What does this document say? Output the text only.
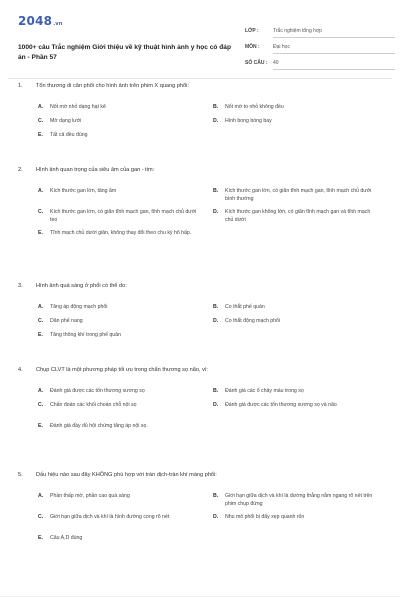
2048.vn
1000+ câu Trắc nghiệm Giới thiệu về kỹ thuật hình ảnh y học có đáp án - Phần 57
LỚP :	Trắc nghiệm tổng hợp
MÔN :	Đại học
SỐ CÂU : 40
1. Tổn thương di căn phổi cho hình ảnh trên phim X quang phổi:
A. Nốt mờ nhỏ dạng hạt kê	B. Nốt mờ to nhỏ không đều
C. Mờ dạng lưới	D. Hình bong bóng bay
E. Tất cả đều đúng
2. Hình ảnh quan trọng của siêu âm của gan - tim:
A. Kích thước gan lớn, tăng âm	B. Kích thước gan lớn, có giãn tĩnh mạch gan, tĩnh mạch chủ dưới bình thường
C. Kích thước gan lớn, có giãn tĩnh mạch gan, tĩnh mạch chủ dưới teo
D. Kích thước gan không lớn, có giãn tĩnh mạch gan và tĩnh mạch chủ dưới
E. Tĩnh mạch chủ dưới giãn, không thay đổi theo chu kỳ hô hấp.
3. Hình ảnh quá sáng ở phổi có thể do:
A. Tăng áp động mạch phổi	B. Co thắt phế quản
C. Dãn phế nang	D. Co thắt động mạch phổi
E. Tăng thông khí trong phế quản
4. Chụp CLVT là một phương pháp tối ưu trong chẩn thương sọ não, vì:
A. Đánh giá được các tổn thương xương sọ	B. Đánh giá các ổ chảy máu trong sọ
C. Chẩn đoán các khối choán chỗ nội sọ	D. Đánh giá được các tổn thương xương sọ và não
E. Đánh giá đầy đủ hội chứng tăng áp nội sọ.
5. Dấu hiệu nào sau đây KHÔNG phù hợp với tràn dịch-tràn khí màng phổi:
A. Phần thấp mờ, phần cao quá sáng	B. Giới hạn giữa dịch và khí là đường thẳng nằm ngang rõ nét trên phim chụp đứng
C. Giới hạn giữa dịch và khí là hình đường cong rõ nét	D. Nhu mô phổi bị đẩy xẹp quanh rốn
E. Câu A,D đúng
